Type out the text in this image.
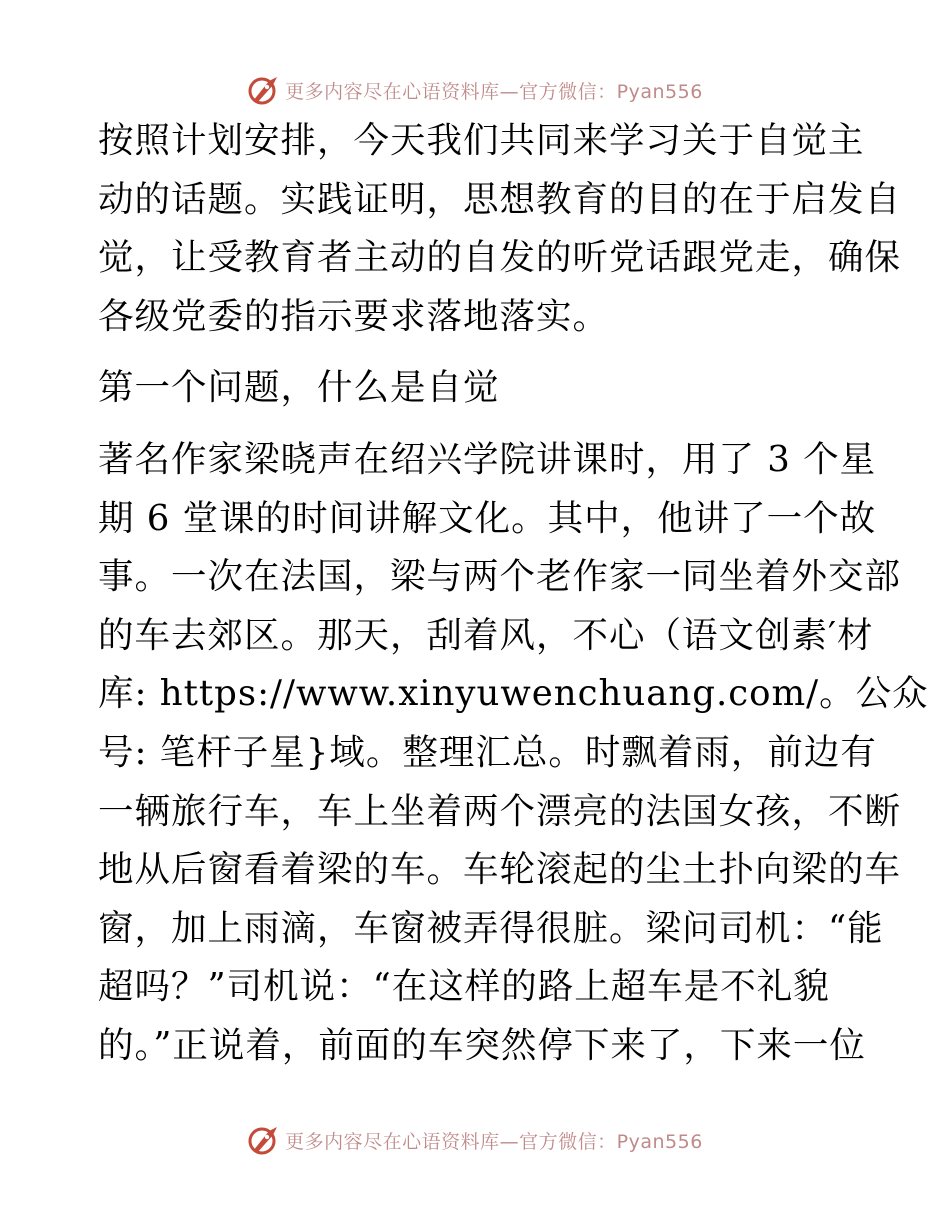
更多内容尽在心语资料库—官方微信：Pyan556
按照计划安排，今天我们共同来学习关于自觉主
动的话题。实践证明，思想教育的目的在于启发自
觉，让受教育者主动的自发的听党话跟党走，确保
各级党委的指示要求落地落实。
第一个问题，什么是自觉
著名作家梁晓声在绍兴学院讲课时，用了 3 个星
期 6 堂课的时间讲解文化。其中，他讲了一个故
事。一次在法国，梁与两个老作家一同坐着外交部
的车去郊区。那天，刮着风，不心（语文创素′材
库: https://www.xinyuwenchuang.com/。公众
号: 笔杆子星}域。整理汇总。时飘着雨，前边有
一辆旅行车，车上坐着两个漂亮的法国女孩，不断
地从后窗看着梁的车。车轮滚起的尘土扑向梁的车
窗，加上雨滴，车窗被弄得很脏。梁问司机：“能
超吗？”司机说：“在这样的路上超车是不礼貌
的。”正说着，前面的车突然停下来了，下来一位
更多内容尽在心语资料库—官方微信：Pyan556
